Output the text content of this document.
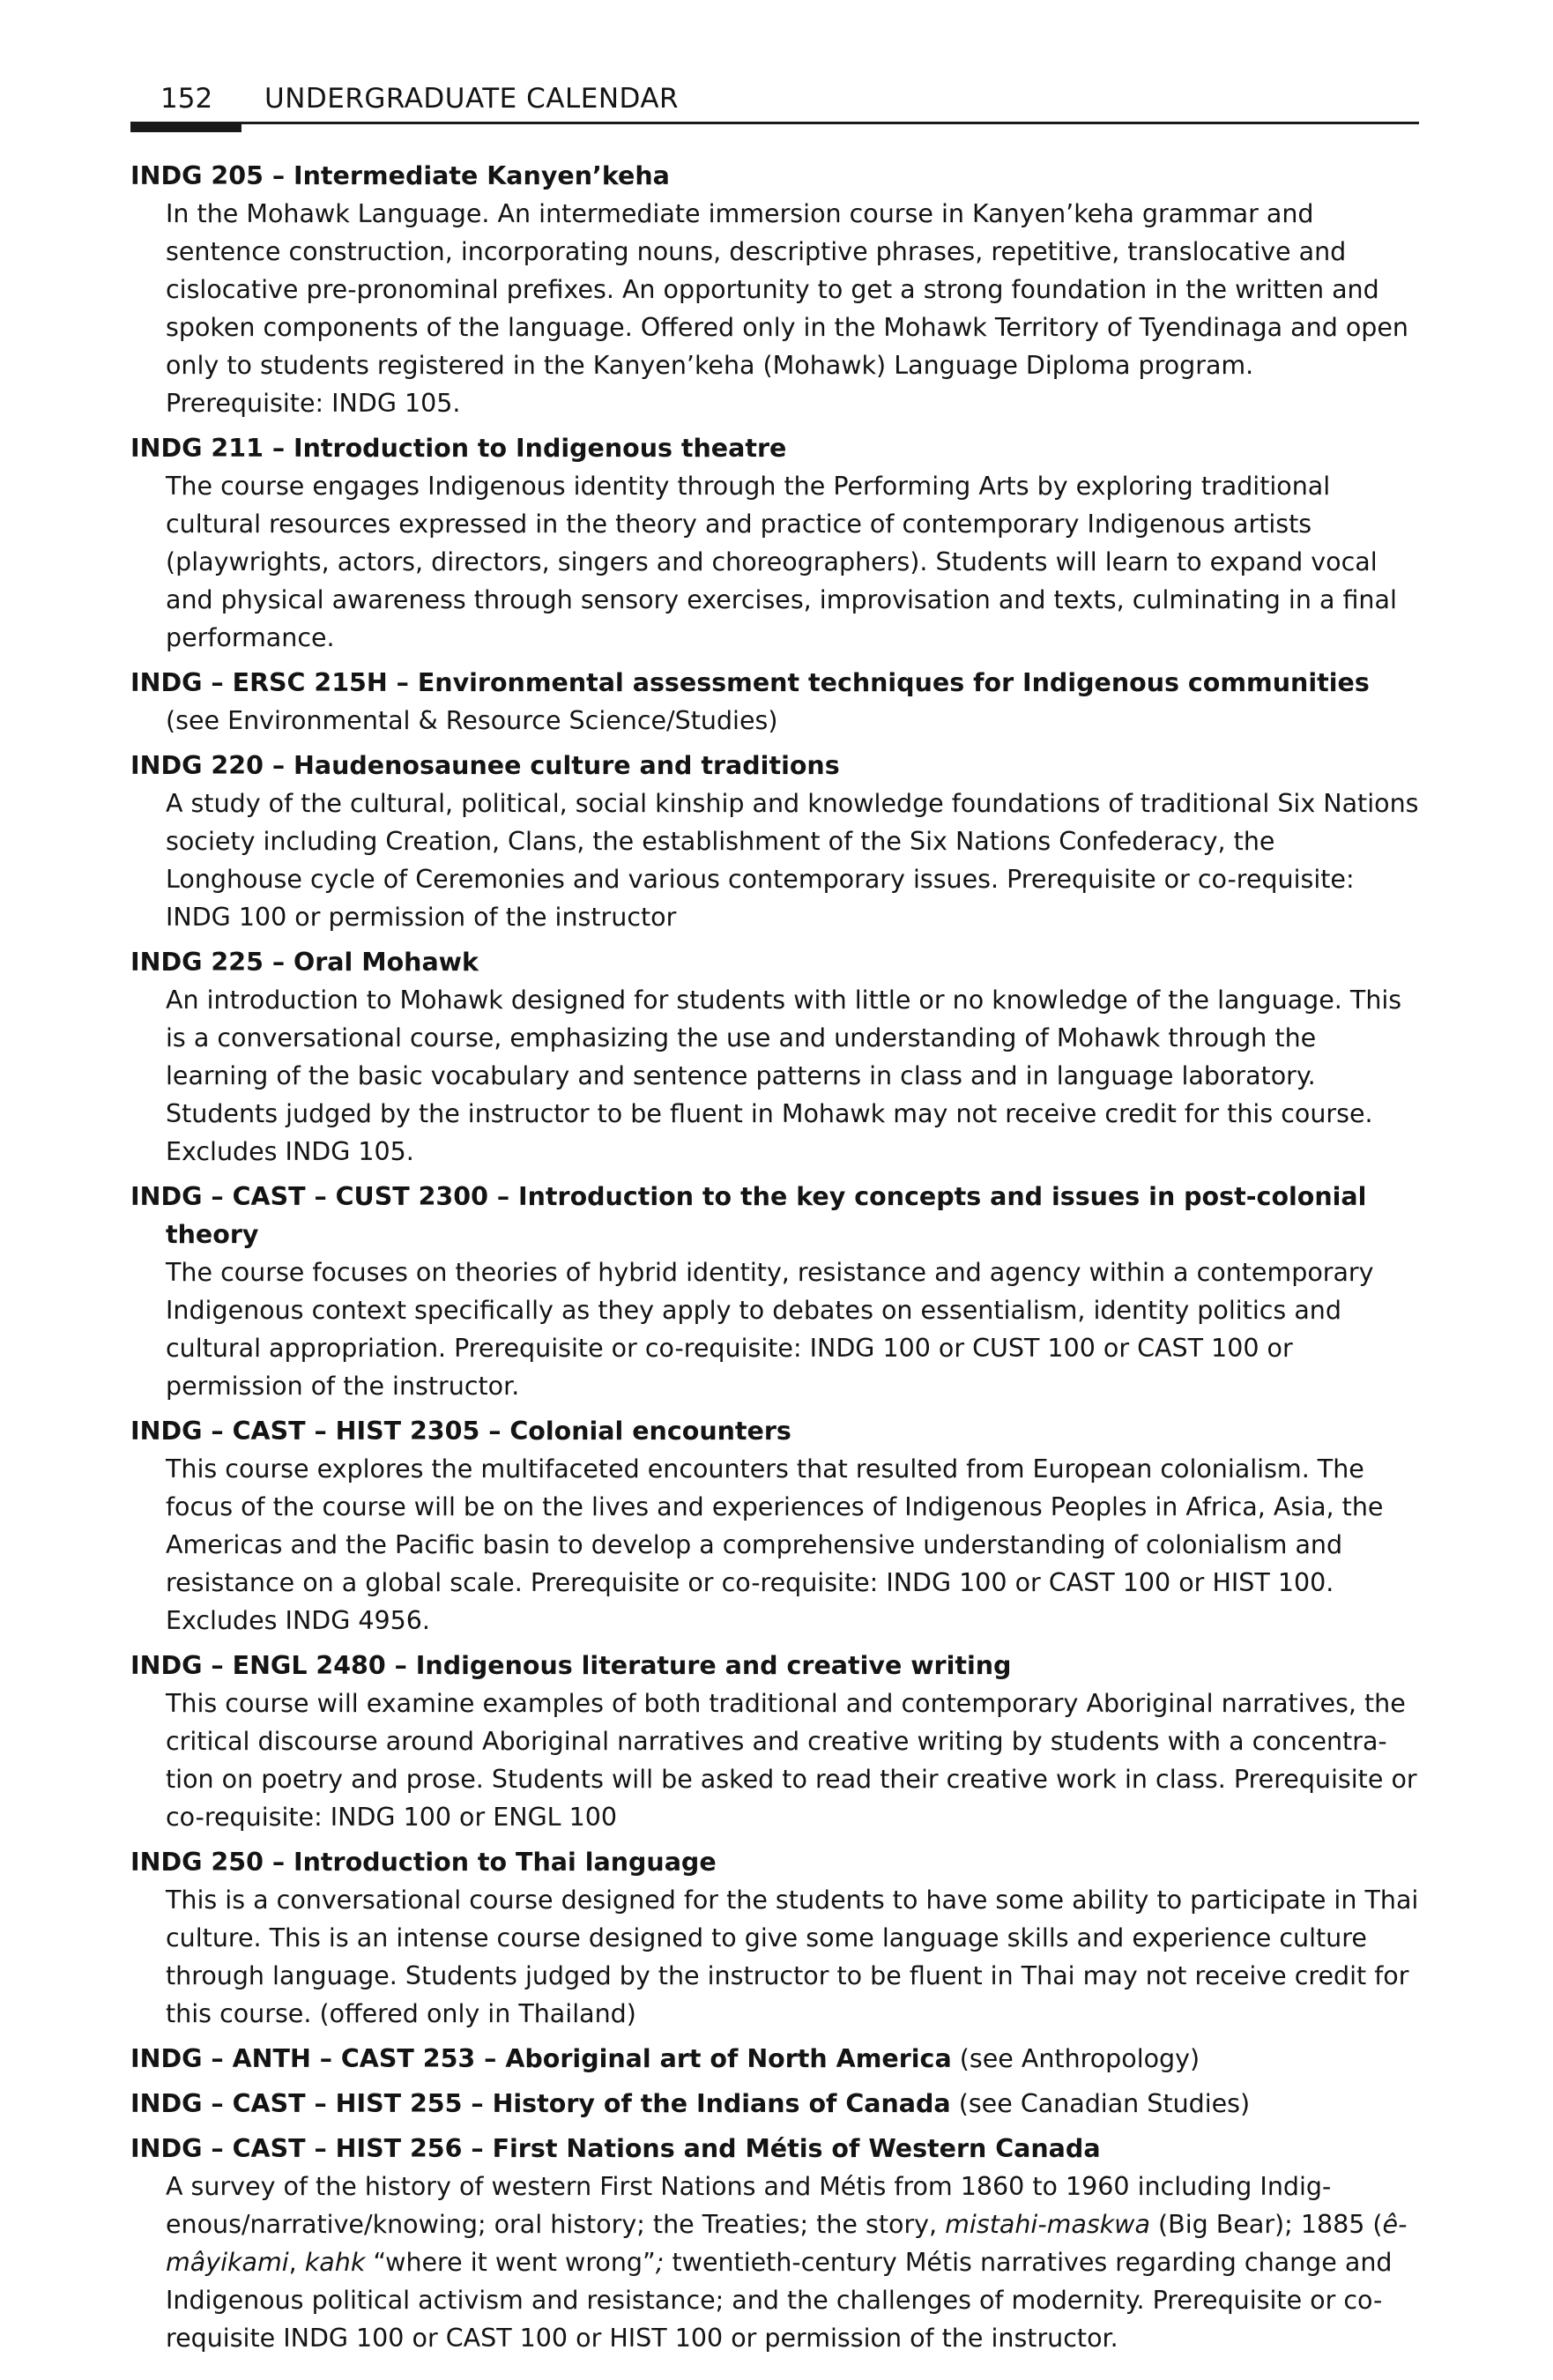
152 UNDERGRADUATE CALENDAR

INDG 205 – Intermediate Kanyen’keha

In the Mohawk Language. An intermediate immersion course in Kanyen’keha grammar and sentence construction, incorporating nouns, descriptive phrases, repetitive, translocative and cislocative pre-pronominal prefixes. An opportunity to get a strong foundation in the written and spoken components of the language. Offered only in the Mohawk Territory of Tyendinaga and open only to students registered in the Kanyen’keha (Mohawk) Language Diploma program. Prerequisite: INDG 105.

INDG 211 – Introduction to Indigenous theatre

The course engages Indigenous identity through the Performing Arts by exploring traditional cultural resources expressed in the theory and practice of contemporary Indigenous artists (playwrights, actors, directors, singers and choreographers). Students will learn to expand vocal and physical awareness through sensory exercises, improvisation and texts, culminating in a final performance.

INDG – ERSC 215H – Environmental assessment techniques for Indigenous communities (see Environmental & Resource Science/Studies)

INDG 220 – Haudenosaunee culture and traditions

A study of the cultural, political, social kinship and knowledge foundations of traditional Six Nations society including Creation, Clans, the establishment of the Six Nations Confederacy, the Longhouse cycle of Ceremonies and various contemporary issues. Prerequisite or co-requisite: INDG 100 or permission of the instructor

INDG 225 – Oral Mohawk

An introduction to Mohawk designed for students with little or no knowledge of the language. This is a conversational course, emphasizing the use and understanding of Mohawk through the learning of the basic vocabulary and sentence patterns in class and in language laboratory. Students judged by the instructor to be fluent in Mohawk may not receive credit for this course. Excludes INDG 105.

INDG – CAST – CUST 2300 – Introduction to the key concepts and issues in post-colonial theory

The course focuses on theories of hybrid identity, resistance and agency within a contemporary Indigenous context specifically as they apply to debates on essentialism, identity politics and cultural appropriation. Prerequisite or co-requisite: INDG 100 or CUST 100 or CAST 100 or permission of the instructor.

INDG – CAST – HIST 2305 – Colonial encounters

This course explores the multifaceted encounters that resulted from European colonialism. The focus of the course will be on the lives and experiences of Indigenous Peoples in Africa, Asia, the Americas and the Pacific basin to develop a comprehensive understanding of colonialism and resistance on a global scale. Prerequisite or co-requisite: INDG 100 or CAST 100 or HIST 100. Excludes INDG 4956.

INDG – ENGL 2480 – Indigenous literature and creative writing

This course will examine examples of both traditional and contemporary Aboriginal narratives, the critical discourse around Aboriginal narratives and creative writing by students with a concentration on poetry and prose. Students will be asked to read their creative work in class. Prerequisite or co-requisite: INDG 100 or ENGL 100

INDG 250 – Introduction to Thai language

This is a conversational course designed for the students to have some ability to participate in Thai culture. This is an intense course designed to give some language skills and experience culture through language. Students judged by the instructor to be fluent in Thai may not receive credit for this course. (offered only in Thailand)

INDG – ANTH – CAST 253 – Aboriginal art of North America (see Anthropology)

INDG – CAST – HIST 255 – History of the Indians of Canada (see Canadian Studies)

INDG – CAST – HIST 256 – First Nations and Métis of Western Canada

A survey of the history of western First Nations and Métis from 1860 to 1960 including Indigenous/narrative/knowing; oral history; the Treaties; the story, mistahi-maskwa (Big Bear); 1885 (ê-mâyikami, kahk “where it went wrong”; twentieth-century Métis narratives regarding change and Indigenous political activism and resistance; and the challenges of modernity. Prerequisite or co-requisite INDG 100 or CAST 100 or HIST 100 or permission of the instructor.
